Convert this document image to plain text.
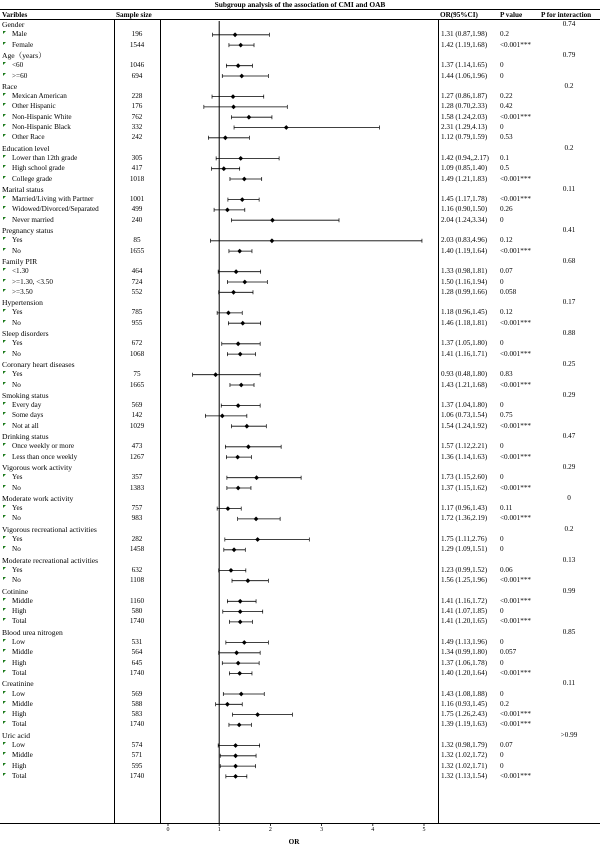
Subgroup analysis of the association of CMI and OAB
Varibles	Sample size	OR(95%CI)	P value	P for interaction
Gender	0.74
Male	196	1.31 (0.87,1.98) 0.2
Female	1544	1.42 (1.19,1.68) <0.001***
Age（years）	0.79
<60	1046	1.37 (1.14,1.65) 0
>=60	694	1.44 (1.06,1.96) 0
Race	0.2
Mexican American	228	1.27 (0.86,1.87) 0.22
Other Hispanic	176	1.28 (0.70,2.33) 0.42
Non-Hispanic White	762	1.58 (1.24,2.03) <0.001***
Non-Hispanic Black	332	2.31 (1.29,4.13) 0
Other Race	242	1.12 (0.79,1.59) 0.53
Education level	0.2
Lower than 12th grade	305	1.42 (0.94,,2.17) 0.1
High school grade	417	1.09 (0.85,1.40) 0.5
College grade	1018	1.49 (1.21,1.83) <0.001***
Marital status	0.11
Married/Living with Partner	1001	1.45 (1.17,1.78) <0.001***
Widowed/Divorced/Separated	499	1.16 (0.90,1.50) 0.26
Never married	240	2.04 (1.24,3.34) 0
Pregnancy status	0.41
Yes	85	2.03 (0.83,4.96) 0.12
No	1655	1.40 (1.19,1.64) <0.001***
Family PIR	0.68
<1.30	464	1.33 (0.98,1.81) 0.07
>=1.30, <3.50	724	1.50 (1.16,1.94) 0
>=3.50	552	1.28 (0.99,1.66) 0.058
Hypertension	0.17
Yes	785	1.18 (0.96,1.45) 0.12
No	955	1.46 (1.18,1.81) <0.001***
Sleep disorders	0.88
Yes	672	1.37 (1.05,1.80) 0
No	1068	1.41 (1.16,1.71) <0.001***
Coronary heart diseases	0.25
Yes	75	0.93 (0.48,1.80) 0.83
No	1665	1.43 (1.21,1.68) <0.001***
Smoking status	0.29
Every day	569	1.37 (1.04,1.80) 0
Some days	142	1.06 (0.73,1.54) 0.75
Not at all	1029	1.54 (1.24,1.92) <0.001***
Drinking status	0.47
Once weekly or more	473	1.57 (1.12,2.21) 0
Less than once weekly	1267	1.36 (1.14,1.63) <0.001***
Vigorous work activity	0.29
Yes	357	1.73 (1.15,2.60) 0
No	1383	1.37 (1.15,1.62) <0.001***
Moderate work activity	0
Yes	757	1.17 (0.96,1.43) 0.11
No	983	1.72 (1.36,2.19) <0.001***
Vigorous recreational activities	0.2
Yes	282	1.75 (1.11,2.76) 0
No	1458	1.29 (1.09,1.51) 0
Moderate recreational activities	0.13
Yes	632	1.23 (0.99,1.52) 0.06
No	1108	1.56 (1.25,1.96) <0.001***
Cotinine	0.99
Middle	1160	1.41 (1.16,1.72) <0.001***
High	580	1.41 (1.07,1.85) 0
Total	1740	1.41 (1.20,1.65) <0.001***
Blood urea nitrogen	0.85
Low	531	1.49 (1.13,1.96) 0
Middle	564	1.34 (0.99,1.80) 0.057
High	645	1.37 (1.06,1.78) 0
Total	1740	1.40 (1.20,1.64) <0.001***
Creatinine	0.11
Low	569	1.43 (1.08,1.88) 0
Middle	588	1.16 (0.93,1.45) 0.2
High	583	1.75 (1.26,2.43) <0.001***
Total	1740	1.39 (1.19,1.63) <0.001***
Uric acid	>0.99
Low	574	1.32 (0.98,1.79) 0.07
Middle	571	1.32 (1.02,1.72) 0
High	595	1.32 (1.02,1.71) 0
Total	1740	1.32 (1.13,1.54) <0.001***
0	1	2	3	4	5
OR
